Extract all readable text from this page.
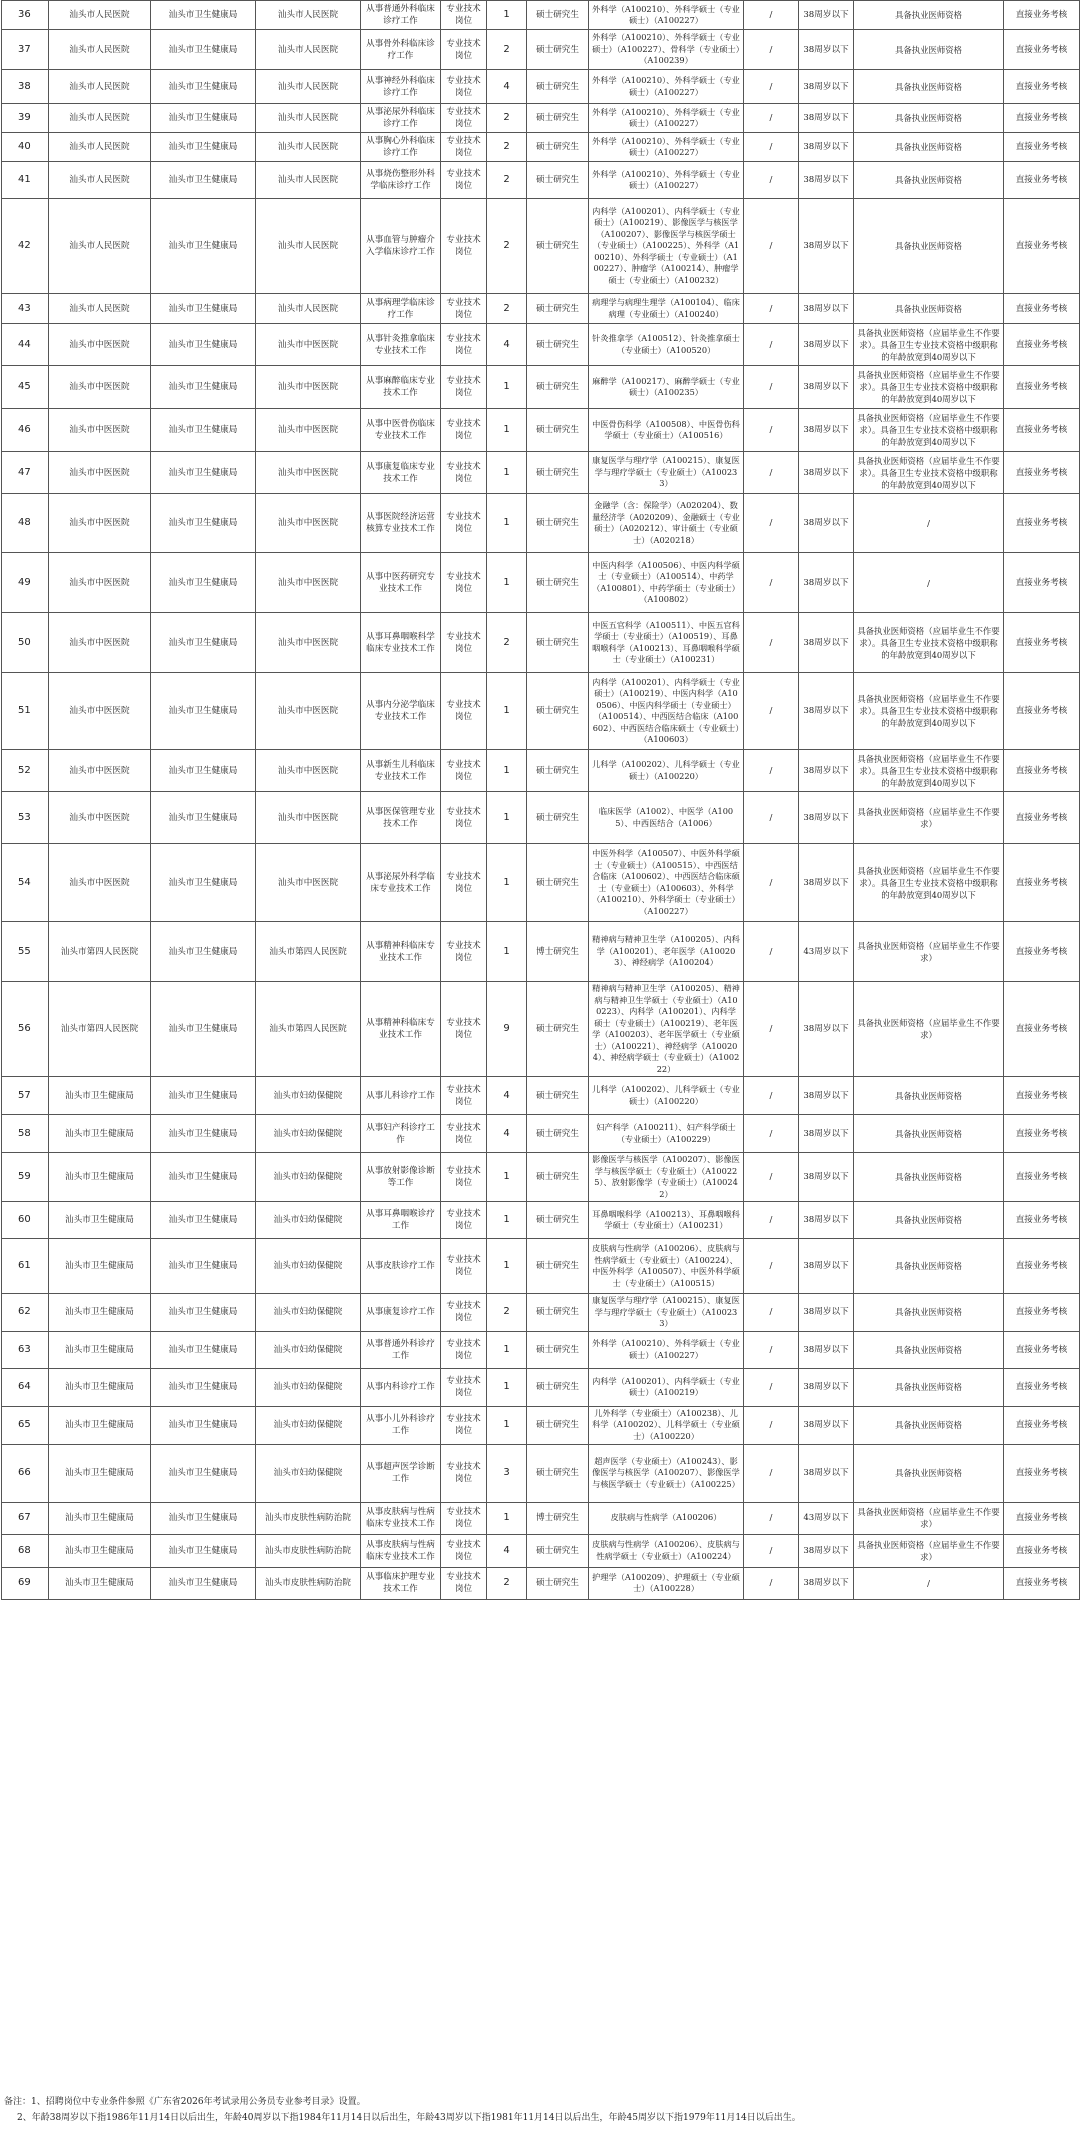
36	汕头市人民医院	汕头市卫生健康局	汕头市人民医院	从事普通外科临床诊疗工作	专业技术岗位	1	硕士研究生	外科学（A100210）、外科学硕士（专业硕士）（A100227）	/	38周岁以下	具备执业医师资格	直接业务考核
37	汕头市人民医院	汕头市卫生健康局	汕头市人民医院	从事骨外科临床诊疗工作	专业技术岗位	2	硕士研究生	外科学（A100210）、外科学硕士（专业硕士）（A100227）、骨科学（专业硕士）（A100239）	/	38周岁以下	具备执业医师资格	直接业务考核
38	汕头市人民医院	汕头市卫生健康局	汕头市人民医院	从事神经外科临床诊疗工作	专业技术岗位	4	硕士研究生	外科学（A100210）、外科学硕士（专业硕士）（A100227）	/	38周岁以下	具备执业医师资格	直接业务考核
39	汕头市人民医院	汕头市卫生健康局	汕头市人民医院	从事泌尿外科临床诊疗工作	专业技术岗位	2	硕士研究生	外科学（A100210）、外科学硕士（专业硕士）（A100227）	/	38周岁以下	具备执业医师资格	直接业务考核
40	汕头市人民医院	汕头市卫生健康局	汕头市人民医院	从事胸心外科临床诊疗工作	专业技术岗位	2	硕士研究生	外科学（A100210）、外科学硕士（专业硕士）（A100227）	/	38周岁以下	具备执业医师资格	直接业务考核
41	汕头市人民医院	汕头市卫生健康局	汕头市人民医院	从事烧伤整形外科学临床诊疗工作	专业技术岗位	2	硕士研究生	外科学（A100210）、外科学硕士（专业硕士）（A100227）	/	38周岁以下	具备执业医师资格	直接业务考核
42	汕头市人民医院	汕头市卫生健康局	汕头市人民医院	从事血管与肿瘤介入学临床诊疗工作	专业技术岗位	2	硕士研究生	内科学（A100201）、内科学硕士（专业硕士）（A100219）、影像医学与核医学（A100207）、影像医学与核医学硕士（专业硕士）（A100225）、外科学（A100210）、外科学硕士（专业硕士）（A100227）、肿瘤学（A100214）、肿瘤学硕士（专业硕士）（A100232）	/	38周岁以下	具备执业医师资格	直接业务考核
43	汕头市人民医院	汕头市卫生健康局	汕头市人民医院	从事病理学临床诊疗工作	专业技术岗位	2	硕士研究生	病理学与病理生理学（A100104）、临床病理（专业硕士）（A100240）	/	38周岁以下	具备执业医师资格	直接业务考核
44	汕头市中医医院	汕头市卫生健康局	汕头市中医医院	从事针灸推拿临床专业技术工作	专业技术岗位	4	硕士研究生	针灸推拿学（A100512）、针灸推拿硕士（专业硕士）（A100520）	/	38周岁以下	具备执业医师资格（应届毕业生不作要求）。具备卫生专业技术资格中级职称的年龄放宽到40周岁以下	直接业务考核
45	汕头市中医医院	汕头市卫生健康局	汕头市中医医院	从事麻醉临床专业技术工作	专业技术岗位	1	硕士研究生	麻醉学（A100217）、麻醉学硕士（专业硕士）（A100235）	/	38周岁以下	具备执业医师资格（应届毕业生不作要求）。具备卫生专业技术资格中级职称的年龄放宽到40周岁以下	直接业务考核
46	汕头市中医医院	汕头市卫生健康局	汕头市中医医院	从事中医骨伤临床专业技术工作	专业技术岗位	1	硕士研究生	中医骨伤科学（A100508）、中医骨伤科学硕士（专业硕士）（A100516）	/	38周岁以下	具备执业医师资格（应届毕业生不作要求）。具备卫生专业技术资格中级职称的年龄放宽到40周岁以下	直接业务考核
47	汕头市中医医院	汕头市卫生健康局	汕头市中医医院	从事康复临床专业技术工作	专业技术岗位	1	硕士研究生	康复医学与理疗学（A100215）、康复医学与理疗学硕士（专业硕士）（A100233）	/	38周岁以下	具备执业医师资格（应届毕业生不作要求）。具备卫生专业技术资格中级职称的年龄放宽到40周岁以下	直接业务考核
48	汕头市中医医院	汕头市卫生健康局	汕头市中医医院	从事医院经济运营核算专业技术工作	专业技术岗位	1	硕士研究生	金融学（含：保险学）（A020204）、数量经济学（A020209）、金融硕士（专业硕士）（A020212）、审计硕士（专业硕士）（A020218）	/	38周岁以下	/	直接业务考核
49	汕头市中医医院	汕头市卫生健康局	汕头市中医医院	从事中医药研究专业技术工作	专业技术岗位	1	硕士研究生	中医内科学（A100506）、中医内科学硕士（专业硕士）（A100514）、中药学（A100801）、中药学硕士（专业硕士）（A100802）	/	38周岁以下	/	直接业务考核
50	汕头市中医医院	汕头市卫生健康局	汕头市中医医院	从事耳鼻咽喉科学临床专业技术工作	专业技术岗位	2	硕士研究生	中医五官科学（A100511）、中医五官科学硕士（专业硕士）（A100519）、耳鼻咽喉科学（A100213）、耳鼻咽喉科学硕士（专业硕士）（A100231）	/	38周岁以下	具备执业医师资格（应届毕业生不作要求）。具备卫生专业技术资格中级职称的年龄放宽到40周岁以下	直接业务考核
51	汕头市中医医院	汕头市卫生健康局	汕头市中医医院	从事内分泌学临床专业技术工作	专业技术岗位	1	硕士研究生	内科学（A100201）、内科学硕士（专业硕士）（A100219）、中医内科学（A100506）、中医内科学硕士（专业硕士）（A100514）、中西医结合临床（A100602）、中西医结合临床硕士（专业硕士）（A100603）	/	38周岁以下	具备执业医师资格（应届毕业生不作要求）。具备卫生专业技术资格中级职称的年龄放宽到40周岁以下	直接业务考核
52	汕头市中医医院	汕头市卫生健康局	汕头市中医医院	从事新生儿科临床专业技术工作	专业技术岗位	1	硕士研究生	儿科学（A100202）、儿科学硕士（专业硕士）（A100220）	/	38周岁以下	具备执业医师资格（应届毕业生不作要求）。具备卫生专业技术资格中级职称的年龄放宽到40周岁以下	直接业务考核
53	汕头市中医医院	汕头市卫生健康局	汕头市中医医院	从事医保管理专业技术工作	专业技术岗位	1	硕士研究生	临床医学（A1002）、中医学（A1005）、中西医结合（A1006）	/	38周岁以下	具备执业医师资格（应届毕业生不作要求）	直接业务考核
54	汕头市中医医院	汕头市卫生健康局	汕头市中医医院	从事泌尿外科学临床专业技术工作	专业技术岗位	1	硕士研究生	中医外科学（A100507）、中医外科学硕士（专业硕士）（A100515）、中西医结合临床（A100602）、中西医结合临床硕士（专业硕士）（A100603）、外科学（A100210）、外科学硕士（专业硕士）（A100227）	/	38周岁以下	具备执业医师资格（应届毕业生不作要求）。具备卫生专业技术资格中级职称的年龄放宽到40周岁以下	直接业务考核
55	汕头市第四人民医院	汕头市卫生健康局	汕头市第四人民医院	从事精神科临床专业技术工作	专业技术岗位	1	博士研究生	精神病与精神卫生学（A100205）、内科学（A100201）、老年医学（A100203）、神经病学（A100204）	/	43周岁以下	具备执业医师资格（应届毕业生不作要求）	直接业务考核
56	汕头市第四人民医院	汕头市卫生健康局	汕头市第四人民医院	从事精神科临床专业技术工作	专业技术岗位	9	硕士研究生	精神病与精神卫生学（A100205）、精神病与精神卫生学硕士（专业硕士）（A100223）、内科学（A100201）、内科学硕士（专业硕士）（A100219）、老年医学（A100203）、老年医学硕士（专业硕士）（A100221）、神经病学（A100204）、神经病学硕士（专业硕士）（A100222）	/	38周岁以下	具备执业医师资格（应届毕业生不作要求）	直接业务考核
57	汕头市卫生健康局	汕头市卫生健康局	汕头市妇幼保健院	从事儿科诊疗工作	专业技术岗位	4	硕士研究生	儿科学（A100202）、儿科学硕士（专业硕士）（A100220）	/	38周岁以下	具备执业医师资格	直接业务考核
58	汕头市卫生健康局	汕头市卫生健康局	汕头市妇幼保健院	从事妇产科诊疗工作	专业技术岗位	4	硕士研究生	妇产科学（A100211）、妇产科学硕士（专业硕士）（A100229）	/	38周岁以下	具备执业医师资格	直接业务考核
59	汕头市卫生健康局	汕头市卫生健康局	汕头市妇幼保健院	从事放射影像诊断等工作	专业技术岗位	1	硕士研究生	影像医学与核医学（A100207）、影像医学与核医学硕士（专业硕士）（A100225）、放射影像学（专业硕士）（A100242）	/	38周岁以下	具备执业医师资格	直接业务考核
60	汕头市卫生健康局	汕头市卫生健康局	汕头市妇幼保健院	从事耳鼻咽喉诊疗工作	专业技术岗位	1	硕士研究生	耳鼻咽喉科学（A100213）、耳鼻咽喉科学硕士（专业硕士）（A100231）	/	38周岁以下	具备执业医师资格	直接业务考核
61	汕头市卫生健康局	汕头市卫生健康局	汕头市妇幼保健院	从事皮肤诊疗工作	专业技术岗位	1	硕士研究生	皮肤病与性病学（A100206）、皮肤病与性病学硕士（专业硕士）（A100224）、中医外科学（A100507）、中医外科学硕士（专业硕士）（A100515）	/	38周岁以下	具备执业医师资格	直接业务考核
62	汕头市卫生健康局	汕头市卫生健康局	汕头市妇幼保健院	从事康复诊疗工作	专业技术岗位	2	硕士研究生	康复医学与理疗学（A100215）、康复医学与理疗学硕士（专业硕士）（A100233）	/	38周岁以下	具备执业医师资格	直接业务考核
63	汕头市卫生健康局	汕头市卫生健康局	汕头市妇幼保健院	从事普通外科诊疗工作	专业技术岗位	1	硕士研究生	外科学（A100210）、外科学硕士（专业硕士）（A100227）	/	38周岁以下	具备执业医师资格	直接业务考核
64	汕头市卫生健康局	汕头市卫生健康局	汕头市妇幼保健院	从事内科诊疗工作	专业技术岗位	1	硕士研究生	内科学（A100201）、内科学硕士（专业硕士）（A100219）	/	38周岁以下	具备执业医师资格	直接业务考核
65	汕头市卫生健康局	汕头市卫生健康局	汕头市妇幼保健院	从事小儿外科诊疗工作	专业技术岗位	1	硕士研究生	儿外科学（专业硕士）（A100238）、儿科学（A100202）、儿科学硕士（专业硕士）（A100220）	/	38周岁以下	具备执业医师资格	直接业务考核
66	汕头市卫生健康局	汕头市卫生健康局	汕头市妇幼保健院	从事超声医学诊断工作	专业技术岗位	3	硕士研究生	超声医学（专业硕士）（A100243）、影像医学与核医学（A100207）、影像医学与核医学硕士（专业硕士）（A100225）	/	38周岁以下	具备执业医师资格	直接业务考核
67	汕头市卫生健康局	汕头市卫生健康局	汕头市皮肤性病防治院	从事皮肤病与性病临床专业技术工作	专业技术岗位	1	博士研究生	皮肤病与性病学（A100206）	/	43周岁以下	具备执业医师资格（应届毕业生不作要求）	直接业务考核
68	汕头市卫生健康局	汕头市卫生健康局	汕头市皮肤性病防治院	从事皮肤病与性病临床专业技术工作	专业技术岗位	4	硕士研究生	皮肤病与性病学（A100206）、皮肤病与性病学硕士（专业硕士）（A100224）	/	38周岁以下	具备执业医师资格（应届毕业生不作要求）	直接业务考核
69	汕头市卫生健康局	汕头市卫生健康局	汕头市皮肤性病防治院	从事临床护理专业技术工作	专业技术岗位	2	硕士研究生	护理学（A100209）、护理硕士（专业硕士）（A100228）	/	38周岁以下	/	直接业务考核
备注：1、招聘岗位中专业条件参照《广东省2026年考试录用公务员专业参考目录》设置。
2、年龄38周岁以下指1986年11月14日以后出生，年龄40周岁以下指1984年11月14日以后出生，年龄43周岁以下指1981年11月14日以后出生，年龄45周岁以下指1979年11月14日以后出生。
